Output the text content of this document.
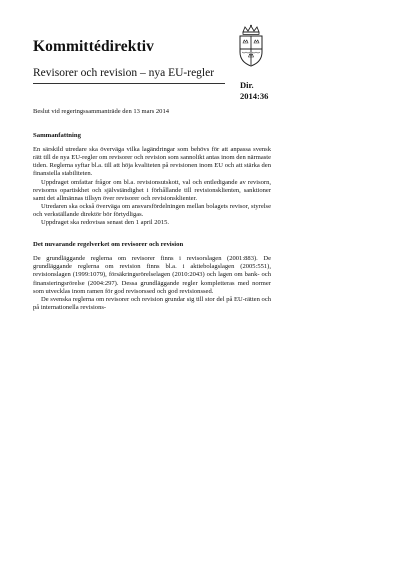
Kommittédirektiv

Revisorer och revision – nya EU-regler

Dir.
2014:36

Beslut vid regeringssammanträde den 13 mars 2014

Sammanfattning

En särskild utredare ska överväga vilka lagändringar som behövs för att anpassa svensk rätt till de nya EU-regler om revisorer och revision som sannolikt antas inom den närmaste tiden. Reglerna syftar bl.a. till att höja kvaliteten på revisionen inom EU och att stärka den finansiella stabiliteten.

Uppdraget omfattar frågor om bl.a. revisionsutskott, val och entledigande av revisorn, revisorns opartiskhet och självständighet i förhållande till revisionsklienten, sanktioner samt det allmännas tillsyn över revisorer och revisionsklienter.

Utredaren ska också överväga om ansvarsfördelningen mellan bolagets revisor, styrelse och verkställande direktör bör förtydligas.

Uppdraget ska redovisas senast den 1 april 2015.

Det nuvarande regelverket om revisorer och revision

De grundläggande reglerna om revisorer finns i revisorslagen (2001:883). De grundläggande reglerna om revision finns bl.a. i aktiebolagslagen (2005:551), revisionslagen (1999:1079), försäkringsrörelselagen (2010:2043) och lagen om bank- och finansieringsrörelse (2004:297). Dessa grundläggande regler kompletteras med normer som utvecklas inom ramen för god revisorssed och god revisionssed.

De svenska reglerna om revisorer och revision grundar sig till stor del på EU-rätten och på internationella revisions-
